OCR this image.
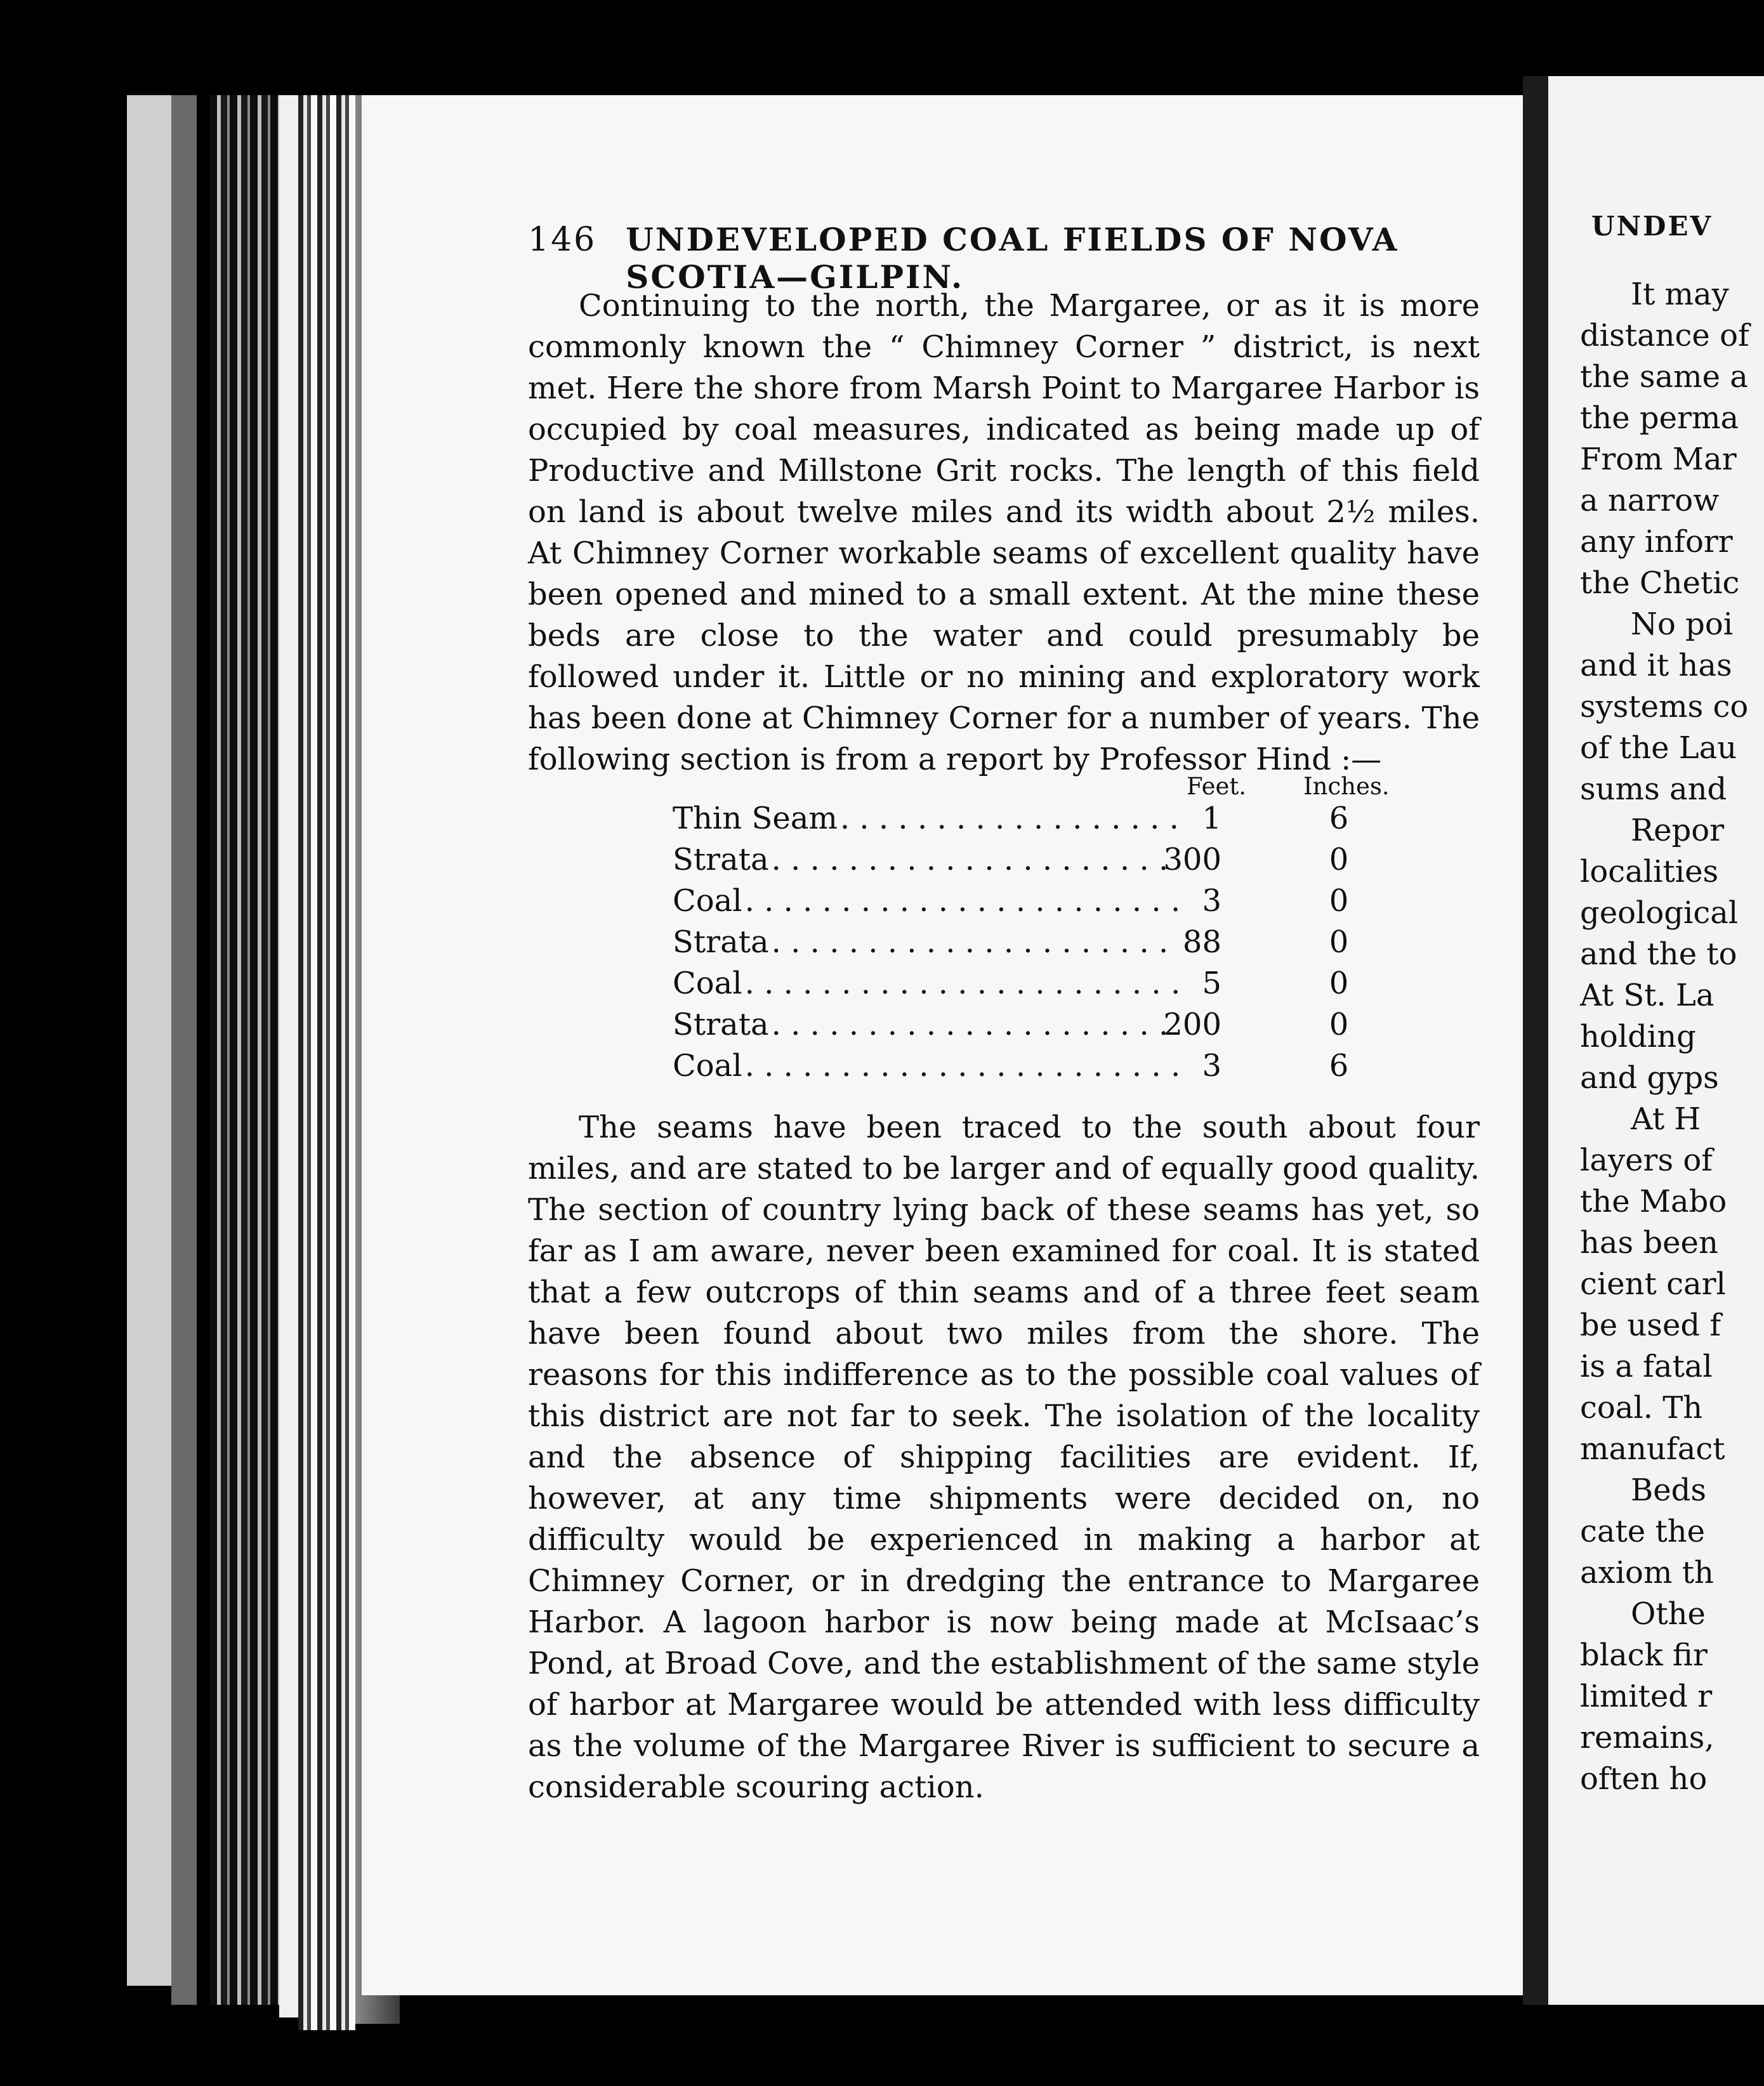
146 UNDEVELOPED COAL FIELDS OF NOVA SCOTIA—GILPIN.
Continuing to the north, the Margaree, or as it is more commonly known the “ Chimney Corner ” district, is next met. Here the shore from Marsh Point to Margaree Harbor is occupied by coal measures, indicated as being made up of Productive and Millstone Grit rocks. The length of this field on land is about twelve miles and its width about 2½ miles. At Chimney Corner workable seams of excellent quality have been opened and mined to a small extent. At the mine these beds are close to the water and could presumably be followed under it. Little or no mining and exploratory work has been done at Chimney Corner for a number of years. The following section is from a report by Professor Hind :—
Feet. Inches.
Thin Seam . . .	1	6
Strata . . .	300	0
Coal . . .	3	0
Strata . . .	88	0
Coal . . .	5	0
Strata . . .	200	0
Coal . . .	3	6
The seams have been traced to the south about four miles, and are stated to be larger and of equally good quality. The section of country lying back of these seams has yet, so far as I am aware, never been examined for coal. It is stated that a few outcrops of thin seams and of a three feet seam have been found about two miles from the shore. The reasons for this indifference as to the possible coal values of this district are not far to seek. The isolation of the locality and the absence of shipping facilities are evident. If, however, at any time shipments were decided on, no difficulty would be experienced in making a harbor at Chimney Corner, or in dredging the entrance to Margaree Harbor. A lagoon harbor is now being made at McIsaac’s Pond, at Broad Cove, and the establishment of the same style of harbor at Margaree would be attended with less difficulty as the volume of the Margaree River is sufficient to secure a considerable scouring action.
UNDEV
It may
distance of
the same a
the perma
From Mar
a narrow
any inforr
the Chetic
No poi
and it has
systems co
of the Lau
sums and
Repor
localities
geological
and the to
At St. La
holding
and gyps
At H
layers of
the Mabo
has been
cient carl
be used f
is a fatal
coal. Th
manufact
Beds
cate the
axiom th
Othe
black fir
limited r
remains,
often ho
